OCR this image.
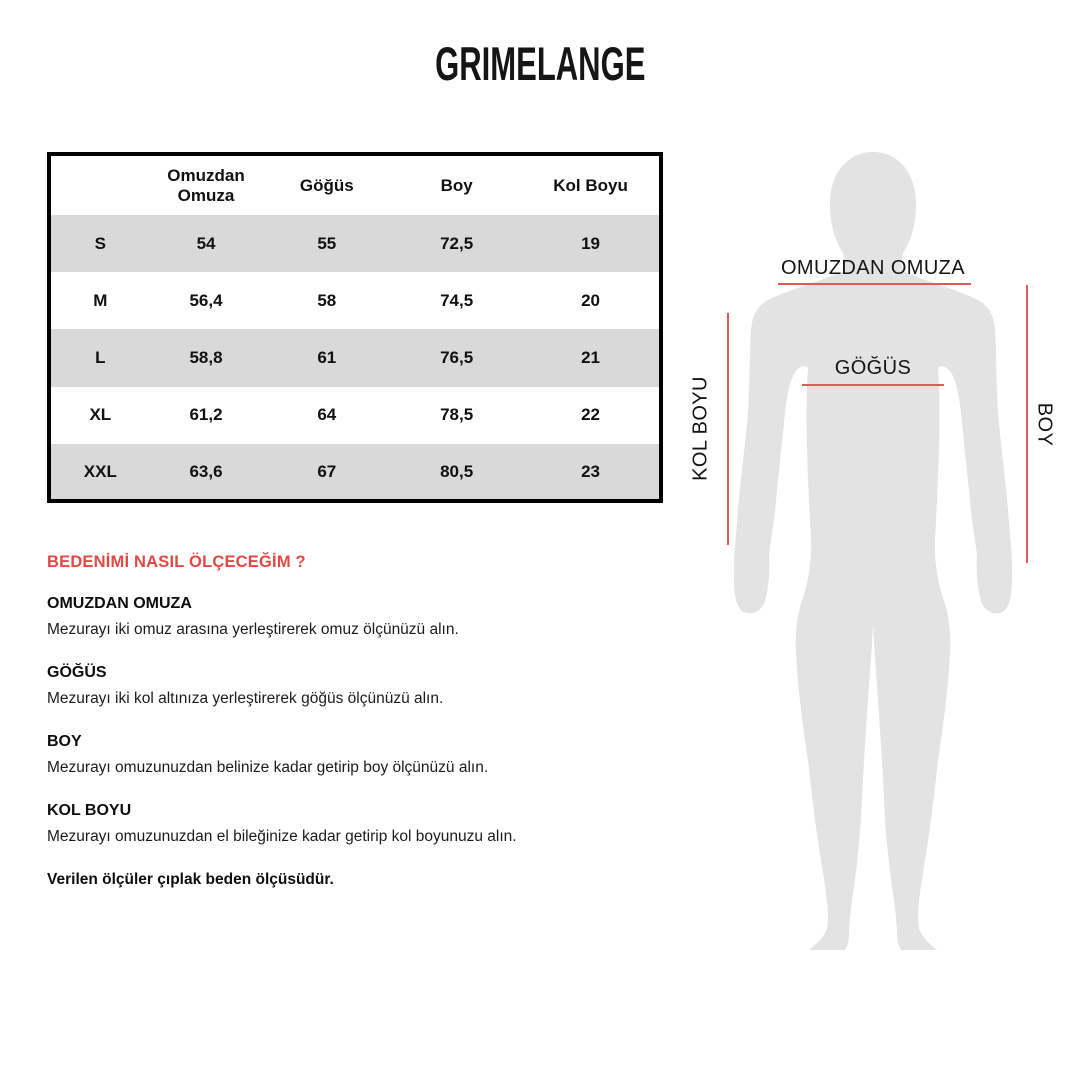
GRIMELANGE
	Omuzdan Omuza	Göğüs	Boy	Kol Boyu
S	54	55	72,5	19
M	56,4	58	74,5	20
L	58,8	61	76,5	21
XL	61,2	64	78,5	22
XXL	63,6	67	80,5	23
OMUZDAN OMUZA
GÖĞÜS
KOL BOYU	BOY
BEDENİMİ NASIL ÖLÇECEĞİM ?
OMUZDAN OMUZA
Mezurayı iki omuz arasına yerleştirerek omuz ölçünüzü alın.
GÖĞÜS
Mezurayı iki kol altınıza yerleştirerek göğüs ölçünüzü alın.
BOY
Mezurayı omuzunuzdan belinize kadar getirip boy ölçünüzü alın.
KOL BOYU
Mezurayı omuzunuzdan el bileğinize kadar getirip kol boyunuzu alın.
Verilen ölçüler çıplak beden ölçüsüdür.
